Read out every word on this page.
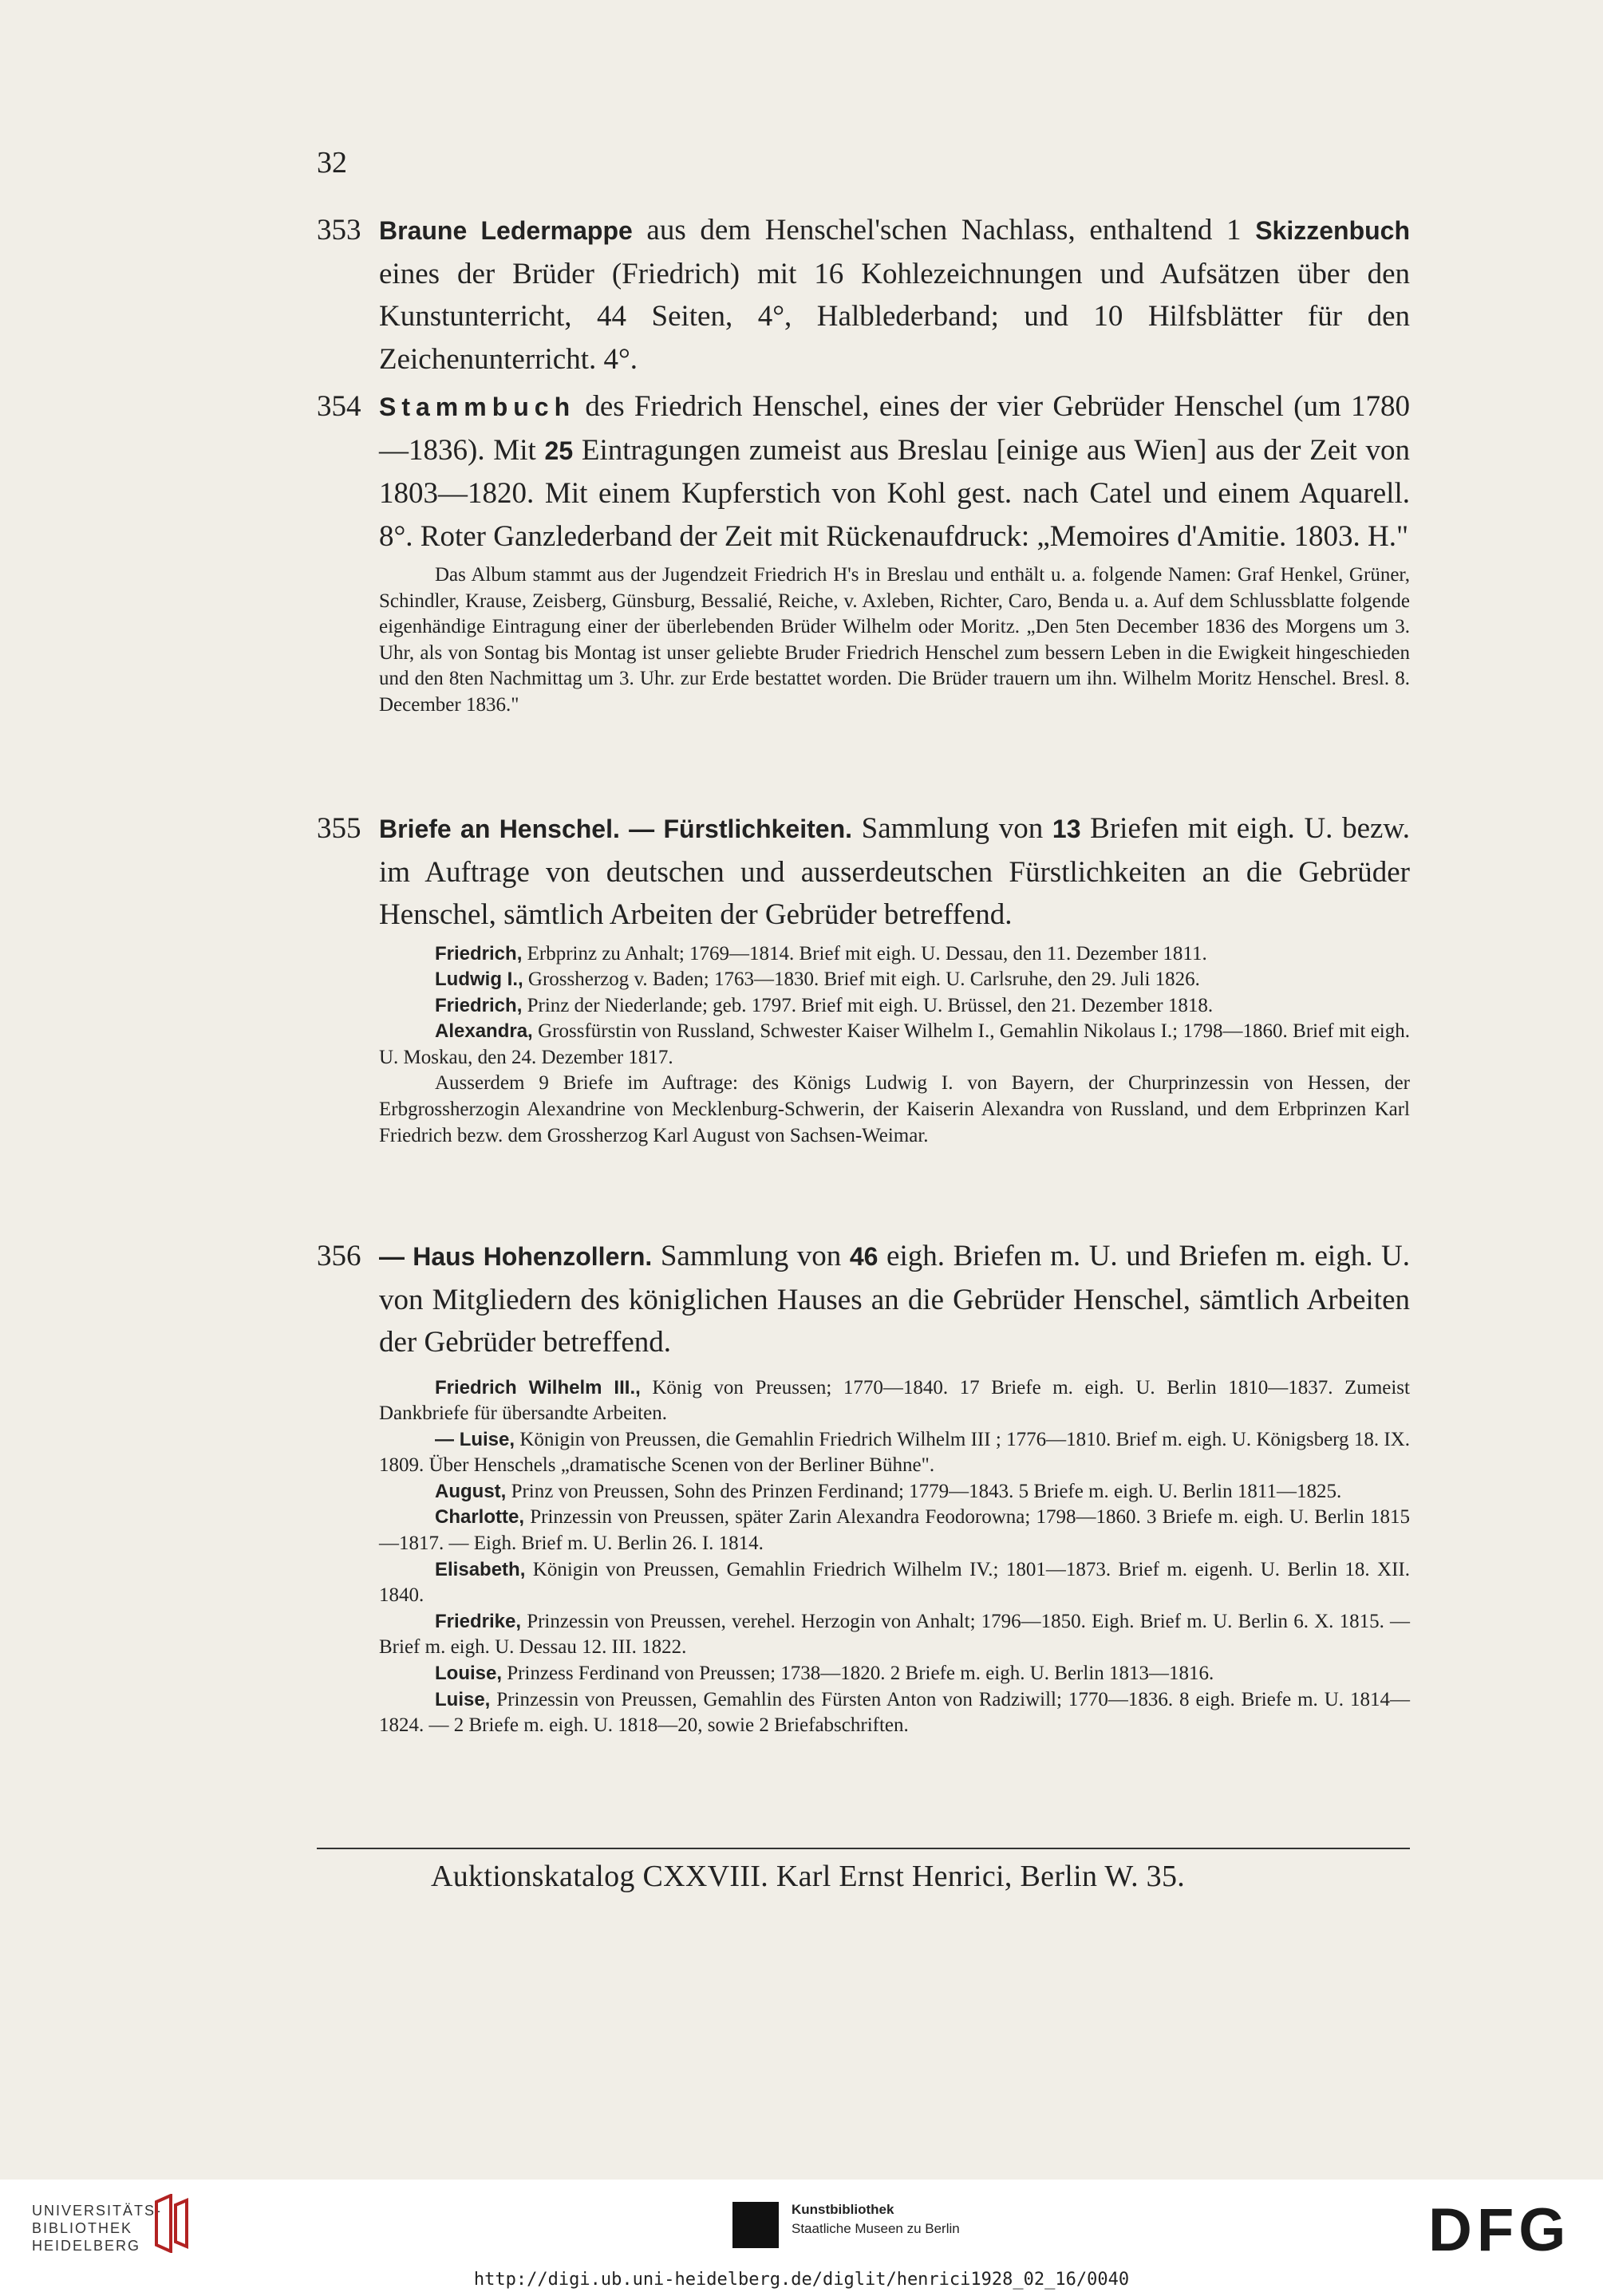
32
353 Braune Ledermappe aus dem Henschel'schen Nachlass, enthaltend 1 Skizzenbuch eines der Brüder (Friedrich) mit 16 Kohlezeichnungen und Aufsätzen über den Kunstunterricht, 44 Seiten, 4°, Halblederband; und 10 Hilfsblätter für den Zeichenunterricht. 4°.
354 Stammbuch des Friedrich Henschel, eines der vier Gebrüder Henschel (um 1780—1836). Mit 25 Eintragungen zumeist aus Breslau [einige aus Wien] aus der Zeit von 1803—1820. Mit einem Kupferstich von Kohl gest. nach Catel und einem Aquarell. 8°. Roter Ganzlederband der Zeit mit Rückenaufdruck: „Memoires d'Amitie. 1803. H."

Das Album stammt aus der Jugendzeit Friedrich H's in Breslau und enthält u. a. folgende Namen: Graf Henkel, Grüner, Schindler, Krause, Zeisberg, Günsburg, Bessalié, Reiche, v. Axleben, Richter, Caro, Benda u. a. Auf dem Schlussblatte folgende eigenhändige Eintragung einer der überlebenden Brüder Wilhelm oder Moritz. „Den 5ten December 1836 des Morgens um 3. Uhr, als von Sontag bis Montag ist unser geliebte Bruder Friedrich Henschel zum bessern Leben in die Ewigkeit hingeschieden und den 8ten Nachmittag um 3. Uhr. zur Erde bestattet worden. Die Brüder trauern um ihn. Wilhelm Moritz Henschel. Bresl. 8. December 1836."

355 Briefe an Henschel. — Fürstlichkeiten. Sammlung von 13 Briefen mit eigh. U. bezw. im Auftrage von deutschen und ausserdeutschen Fürstlichkeiten an die Gebrüder Henschel, sämtlich Arbeiten der Gebrüder betreffend.

Friedrich, Erbprinz zu Anhalt; 1769—1814. Brief mit eigh. U. Dessau, den 11. Dezember 1811.

Ludwig I., Grossherzog v. Baden; 1763—1830. Brief mit eigh. U. Carlsruhe, den 29. Juli 1826.

Friedrich, Prinz der Niederlande; geb. 1797. Brief mit eigh. U. Brüssel, den 21. Dezember 1818.

Alexandra, Grossfürstin von Russland, Schwester Kaiser Wilhelm I., Gemahlin Nikolaus I.; 1798—1860. Brief mit eigh. U. Moskau, den 24. Dezember 1817.

Ausserdem 9 Briefe im Auftrage: des Königs Ludwig I. von Bayern, der Churprinzessin von Hessen, der Erbgrossherzogin Alexandrine von Mecklenburg-Schwerin, der Kaiserin Alexandra von Russland, und dem Erbprinzen Karl Friedrich bezw. dem Grossherzog Karl August von Sachsen-Weimar.

356 — Haus Hohenzollern. Sammlung von 46 eigh. Briefen m. U. und Briefen m. eigh. U. von Mitgliedern des königlichen Hauses an die Gebrüder Henschel, sämtlich Arbeiten der Gebrüder betreffend.

Friedrich Wilhelm III., König von Preussen; 1770—1840. 17 Briefe m. eigh. U. Berlin 1810—1837. Zumeist Dankbriefe für übersandte Arbeiten.

— Luise, Königin von Preussen, die Gemahlin Friedrich Wilhelm III ; 1776—1810. Brief m. eigh. U. Königsberg 18. IX. 1809. Über Henschels „dramatische Scenen von der Berliner Bühne".

August, Prinz von Preussen, Sohn des Prinzen Ferdinand; 1779—1843. 5 Briefe m. eigh. U. Berlin 1811—1825.

Charlotte, Prinzessin von Preussen, später Zarin Alexandra Feodorowna; 1798—1860. 3 Briefe m. eigh. U. Berlin 1815—1817. — Eigh. Brief m. U. Berlin 26. I. 1814.

Elisabeth, Königin von Preussen, Gemahlin Friedrich Wilhelm IV.; 1801—1873. Brief m. eigenh. U. Berlin 18. XII. 1840.

Friedrike, Prinzessin von Preussen, verehel. Herzogin von Anhalt; 1796—1850. Eigh. Brief m. U. Berlin 6. X. 1815. — Brief m. eigh. U. Dessau 12. III. 1822.

Louise, Prinzess Ferdinand von Preussen; 1738—1820. 2 Briefe m. eigh. U. Berlin 1813—1816.

Luise, Prinzessin von Preussen, Gemahlin des Fürsten Anton von Radziwill; 1770—1836. 8 eigh. Briefe m. U. 1814—1824. — 2 Briefe m. eigh. U. 1818—20, sowie 2 Briefabschriften.

Auktionskatalog CXXVIII. Karl Ernst Henrici, Berlin W. 35.
UNIVERSITÄTS-
BIBLIOTHEK
HEIDELBERG
Kunstbibliothek
Staatliche Museen zu Berlin	DFG
http://digi.ub.uni-heidelberg.de/diglit/henrici1928_02_16/0040
